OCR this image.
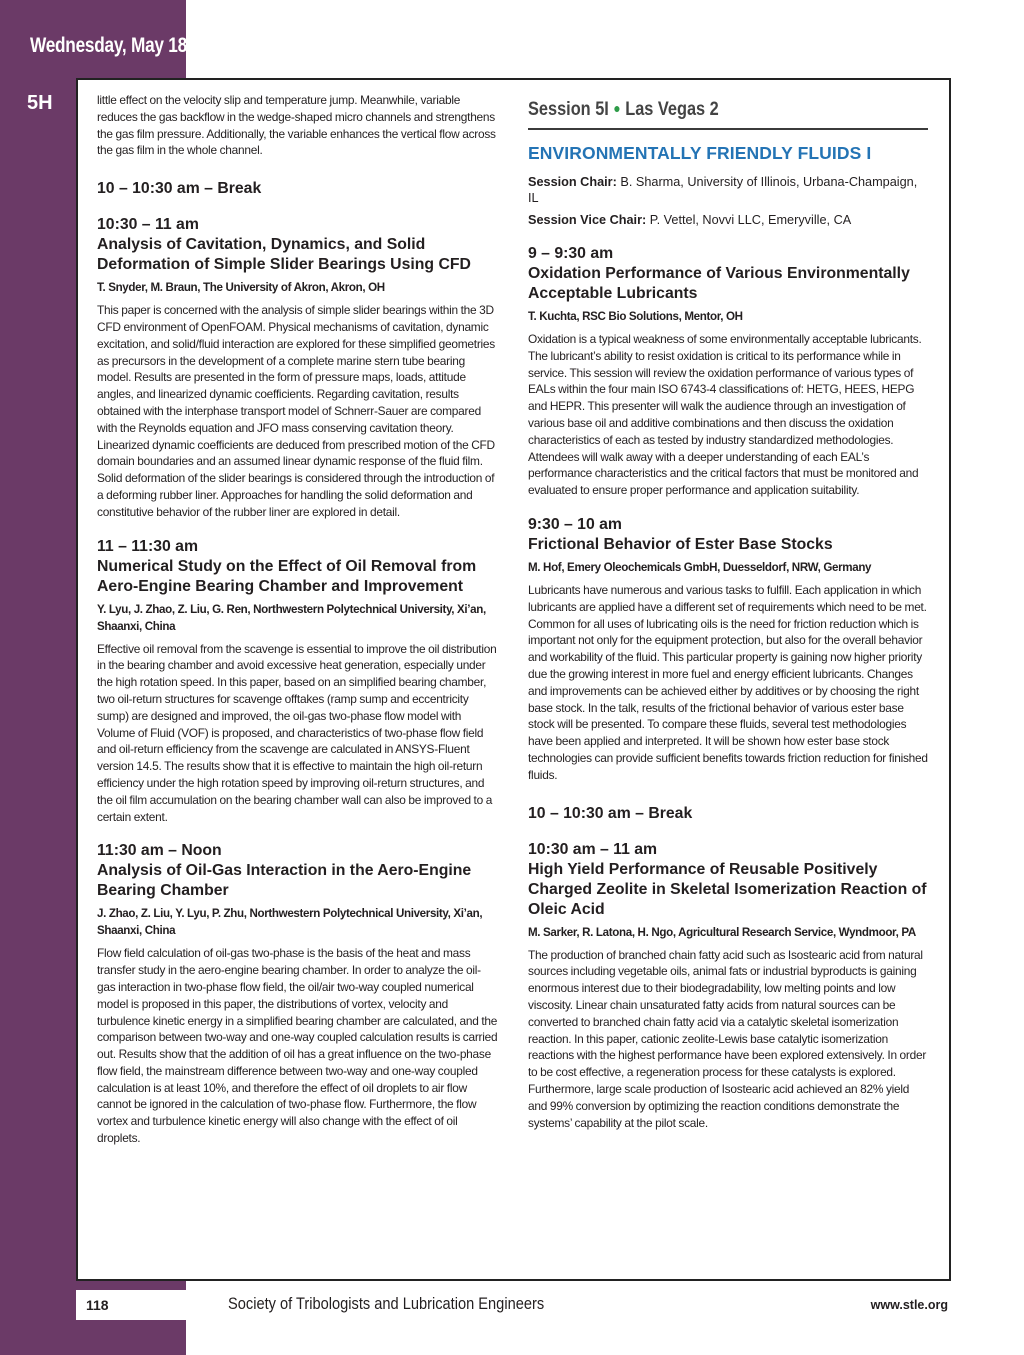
Wednesday, May 18
5H	little effect on the velocity slip and temperature jump. Meanwhile, variable reduces the gas backflow in the wedge-shaped micro channels and strengthens the gas film pressure. Additionally, the variable enhances the vertical flow across the gas film in the whole channel.
10 – 10:30 am – Break
10:30 – 11 am
Analysis of Cavitation, Dynamics, and Solid Deformation of Simple Slider Bearings Using CFD
T. Snyder, M. Braun, The University of Akron, Akron, OH
This paper is concerned with the analysis of simple slider bearings within the 3D CFD environment of OpenFOAM. Physical mechanisms of cavitation, dynamic excitation, and solid/fluid interaction are explored for these simplified geometries as precursors in the development of a complete marine stern tube bearing model. Results are presented in the form of pressure maps, loads, attitude angles, and linearized dynamic coefficients. Regarding cavitation, results obtained with the interphase transport model of Schnerr-Sauer are compared with the Reynolds equation and JFO mass conserving cavitation theory. Linearized dynamic coefficients are deduced from prescribed motion of the CFD domain boundaries and an assumed linear dynamic response of the fluid film. Solid deformation of the slider bearings is considered through the introduction of a deforming rubber liner. Approaches for handling the solid deformation and constitutive behavior of the rubber liner are explored in detail.
11 – 11:30 am
Numerical Study on the Effect of Oil Removal from Aero-Engine Bearing Chamber and Improvement
Y. Lyu, J. Zhao, Z. Liu, G. Ren, Northwestern Polytechnical University, Xi’an, Shaanxi, China
Effective oil removal from the scavenge is essential to improve the oil distribution in the bearing chamber and avoid excessive heat generation, especially under the high rotation speed. In this paper, based on an simplified bearing chamber, two oil-return structures for scavenge offtakes (ramp sump and eccentricity sump) are designed and improved, the oil-gas two-phase flow model with Volume of Fluid (VOF) is proposed, and characteristics of two-phase flow field and oil-return efficiency from the scavenge are calculated in ANSYS-Fluent version 14.5. The results show that it is effective to maintain the high oil-return efficiency under the high rotation speed by improving oil-return structures, and the oil film accumulation on the bearing chamber wall can also be improved to a certain extent.
11:30 am – Noon
Analysis of Oil-Gas Interaction in the Aero-Engine Bearing Chamber
J. Zhao, Z. Liu, Y. Lyu, P. Zhu, Northwestern Polytechnical University, Xi’an, Shaanxi, China
Flow field calculation of oil-gas two-phase is the basis of the heat and mass transfer study in the aero-engine bearing chamber. In order to analyze the oil-gas interaction in two-phase flow field, the oil/air two-way coupled numerical model is proposed in this paper, the distributions of vortex, velocity and turbulence kinetic energy in a simplified bearing chamber are calculated, and the comparison between two-way and one-way coupled calculation results is carried out. Results show that the addition of oil has a great influence on the two-phase flow field, the mainstream difference between two-way and one-way coupled calculation is at least 10%, and therefore the effect of oil droplets to air flow cannot be ignored in the calculation of two-phase flow. Furthermore, the flow vortex and turbulence kinetic energy will also change with the effect of oil droplets.
Session 5I ● Las Vegas 2
ENVIRONMENTALLY FRIENDLY FLUIDS I
Session Chair: B. Sharma, University of Illinois, Urbana-Champaign, IL
Session Vice Chair: P. Vettel, Novvi LLC, Emeryville, CA
9 – 9:30 am
Oxidation Performance of Various Environmentally Acceptable Lubricants
T. Kuchta, RSC Bio Solutions, Mentor, OH
Oxidation is a typical weakness of some environmentally acceptable lubricants. The lubricant’s ability to resist oxidation is critical to its performance while in service. This session will review the oxidation performance of various types of EALs within the four main ISO 6743-4 classifications of: HETG, HEES, HEPG and HEPR. This presenter will walk the audience through an investigation of various base oil and additive combinations and then discuss the oxidation characteristics of each as tested by industry standardized methodologies. Attendees will walk away with a deeper understanding of each EAL’s performance characteristics and the critical factors that must be monitored and evaluated to ensure proper performance and application suitability.
9:30 – 10 am
Frictional Behavior of Ester Base Stocks
M. Hof, Emery Oleochemicals GmbH, Duesseldorf, NRW, Germany
Lubricants have numerous and various tasks to fulfill. Each application in which lubricants are applied have a different set of requirements which need to be met. Common for all uses of lubricating oils is the need for friction reduction which is important not only for the equipment protection, but also for the overall behavior and workability of the fluid. This particular property is gaining now higher priority due the growing interest in more fuel and energy efficient lubricants. Changes and improvements can be achieved either by additives or by choosing the right base stock. In the talk, results of the frictional behavior of various ester base stock will be presented. To compare these fluids, several test methodologies have been applied and interpreted. It will be shown how ester base stock technologies can provide sufficient benefits towards friction reduction for finished fluids.
10 – 10:30 am – Break
10:30 am – 11 am
High Yield Performance of Reusable Positively Charged Zeolite in Skeletal Isomerization Reaction of Oleic Acid
M. Sarker, R. Latona, H. Ngo, Agricultural Research Service, Wyndmoor, PA
The production of branched chain fatty acid such as Isostearic acid from natural sources including vegetable oils, animal fats or industrial byproducts is gaining enormous interest due to their biodegradability, low melting points and low viscosity. Linear chain unsaturated fatty acids from natural sources can be converted to branched chain fatty acid via a catalytic skeletal isomerization reaction. In this paper, cationic zeolite-Lewis base catalytic isomerization reactions with the highest performance have been explored extensively. In order to be cost effective, a regeneration process for these catalysts is explored. Furthermore, large scale production of Isostearic acid achieved an 82% yield and 99% conversion by optimizing the reaction conditions demonstrate the systems’ capability at the pilot scale.
118	Society of Tribologists and Lubrication Engineers	www.stle.org
